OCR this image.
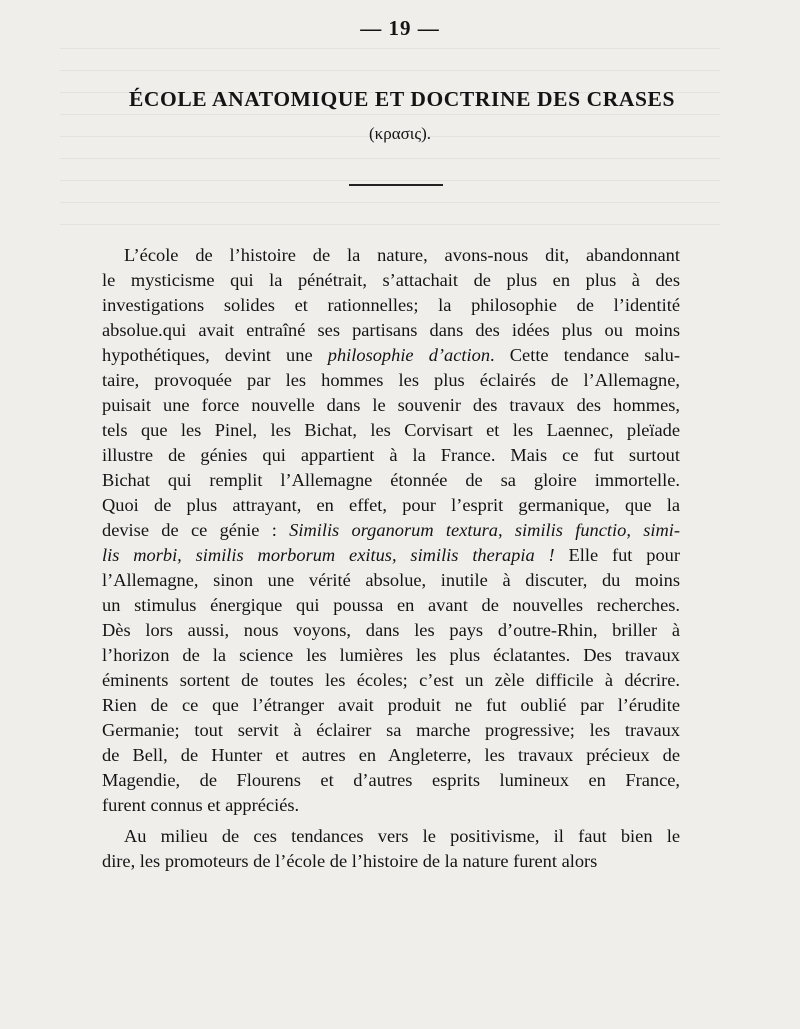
— 19 —
ÉCOLE ANATOMIQUE ET DOCTRINE DES CRASES
(κρασις).
L’école de l’histoire de la nature, avons-nous dit, abandonnant
le mysticisme qui la pénétrait, s’attachait de plus en plus à des
investigations solides et rationnelles; la philosophie de l’identité
absolue.qui avait entraîné ses partisans dans des idées plus ou moins
hypothétiques, devint une philosophie d’action. Cette tendance salu-
taire, provoquée par les hommes les plus éclairés de l’Allemagne,
puisait une force nouvelle dans le souvenir des travaux des hommes,
tels que les Pinel, les Bichat, les Corvisart et les Laennec, pleïade
illustre de génies qui appartient à la France. Mais ce fut surtout
Bichat qui remplit l’Allemagne étonnée de sa gloire immortelle.
Quoi de plus attrayant, en effet, pour l’esprit germanique, que la
devise de ce génie : Similis organorum textura, similis functio, simi-
lis morbi, similis morborum exitus, similis therapia ! Elle fut pour
l’Allemagne, sinon une vérité absolue, inutile à discuter, du moins
un stimulus énergique qui poussa en avant de nouvelles recherches.
Dès lors aussi, nous voyons, dans les pays d’outre-Rhin, briller à
l’horizon de la science les lumières les plus éclatantes. Des travaux
éminents sortent de toutes les écoles; c’est un zèle difficile à décrire.
Rien de ce que l’étranger avait produit ne fut oublié par l’érudite
Germanie; tout servit à éclairer sa marche progressive; les travaux
de Bell, de Hunter et autres en Angleterre, les travaux précieux de
Magendie, de Flourens et d’autres esprits lumineux en France,
furent connus et appréciés.
Au milieu de ces tendances vers le positivisme, il faut bien le
dire, les promoteurs de l’école de l’histoire de la nature furent alors
